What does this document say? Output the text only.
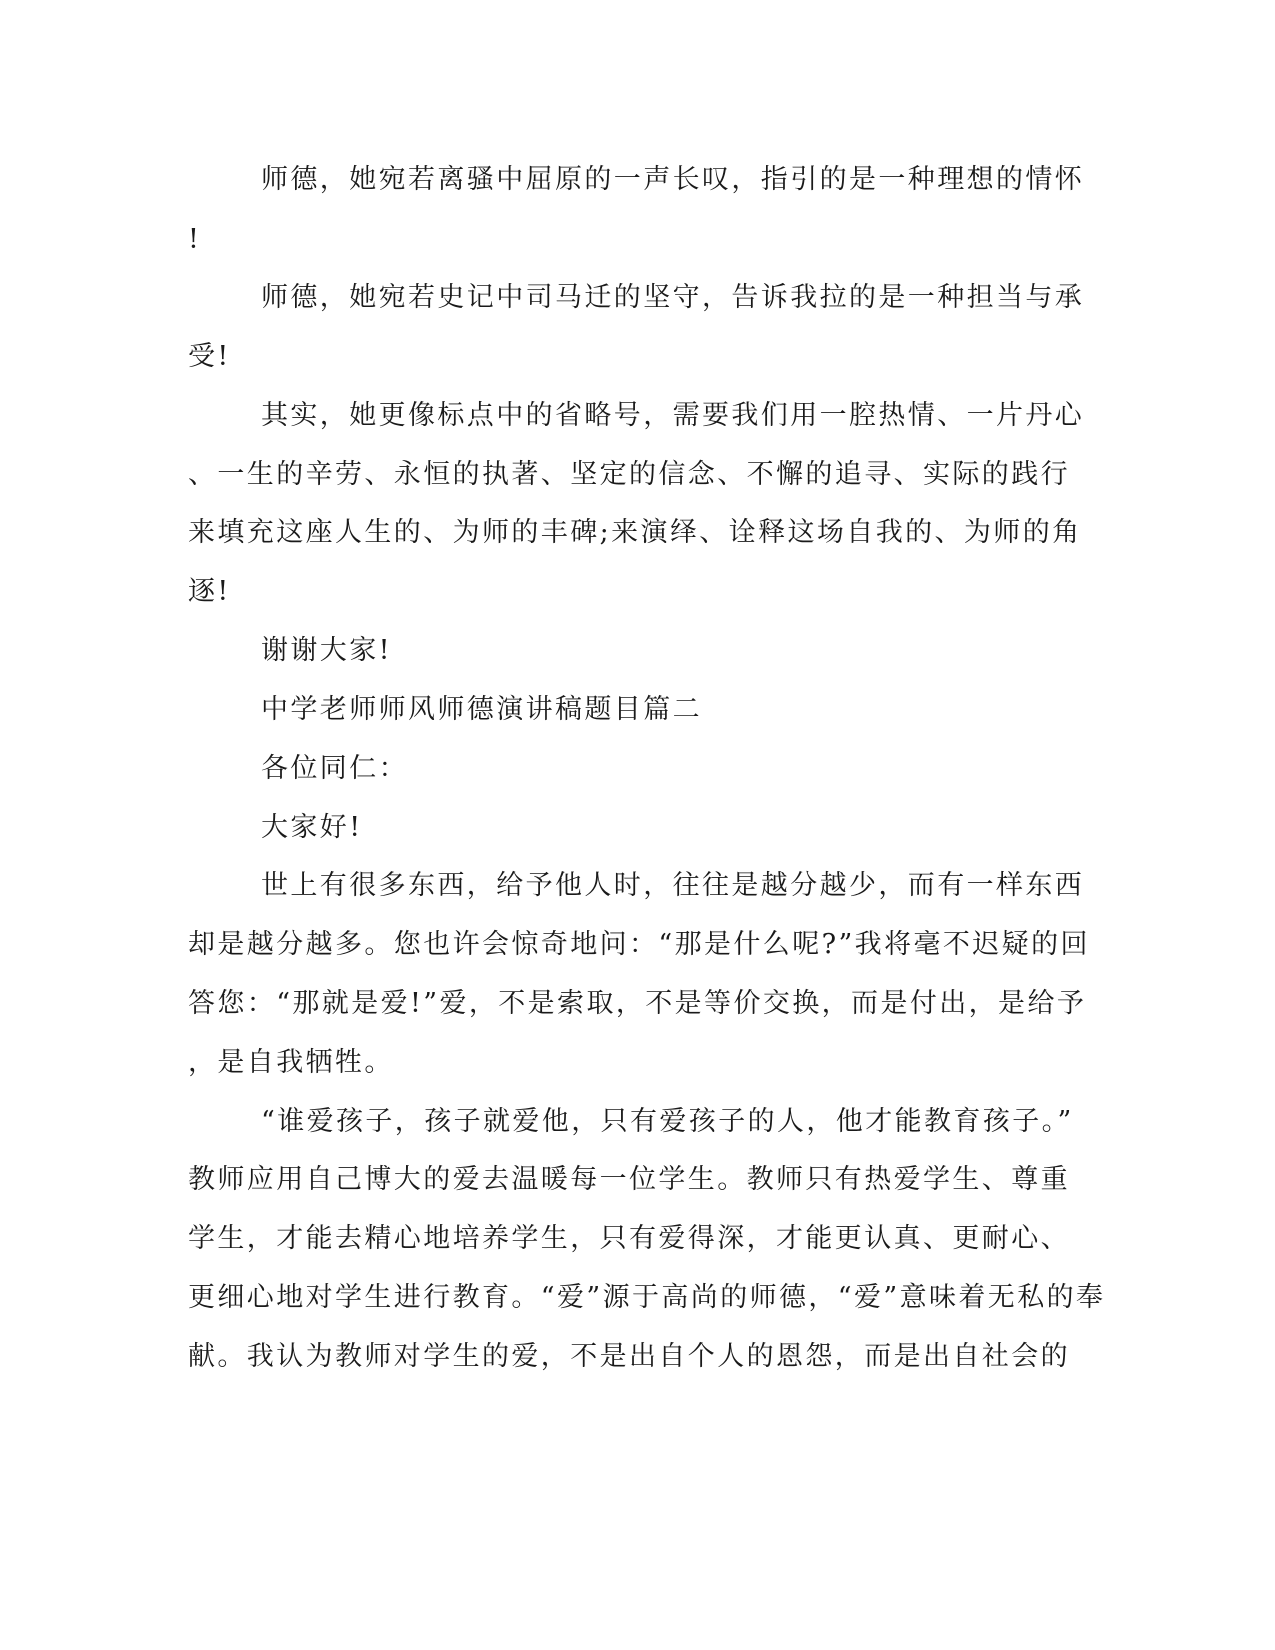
师德，她宛若离骚中屈原的一声长叹，指引的是一种理想的情怀
!
师德，她宛若史记中司马迁的坚守，告诉我拉的是一种担当与承
受!
其实，她更像标点中的省略号，需要我们用一腔热情、一片丹心
、一生的辛劳、永恒的执著、坚定的信念、不懈的追寻、实际的践行
来填充这座人生的、为师的丰碑;来演绎、诠释这场自我的、为师的角
逐!
谢谢大家!
中学老师师风师德演讲稿题目篇二
各位同仁：
大家好!
世上有很多东西，给予他人时，往往是越分越少，而有一样东西
却是越分越多。您也许会惊奇地问：“那是什么呢?”我将毫不迟疑的回
答您：“那就是爱!”爱，不是索取，不是等价交换，而是付出，是给予
，是自我牺牲。
“谁爱孩子，孩子就爱他，只有爱孩子的人，他才能教育孩子。”
教师应用自己博大的爱去温暖每一位学生。教师只有热爱学生、尊重
学生，才能去精心地培养学生，只有爱得深，才能更认真、更耐心、
更细心地对学生进行教育。“爱”源于高尚的师德，“爱”意味着无私的奉
献。我认为教师对学生的爱，不是出自个人的恩怨，而是出自社会的
